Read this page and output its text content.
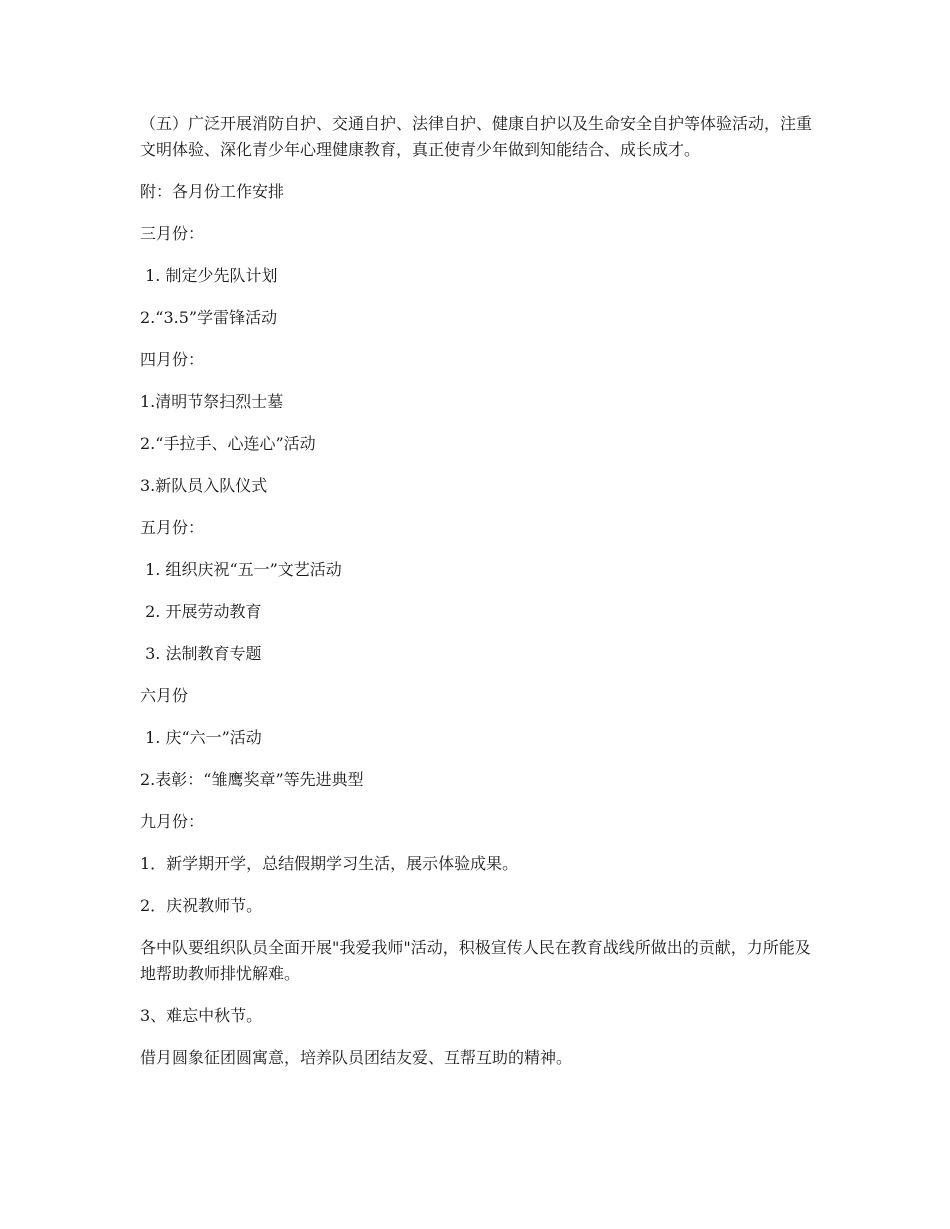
（五）广泛开展消防自护、交通自护、法律自护、健康自护以及生命安全自护等体验活动，注重文明体验、深化青少年心理健康教育，真正使青少年做到知能结合、成长成才。

附：各月份工作安排

三月份：

1. 制定少先队计划

2.“3.5”学雷锋活动

四月份：

1.清明节祭扫烈士墓

2.“手拉手、心连心”活动

3.新队员入队仪式

五月份：

1. 组织庆祝“五一”文艺活动

2. 开展劳动教育

3. 法制教育专题

六月份

1. 庆“六一”活动

2.表彰：“雏鹰奖章”等先进典型

九月份：

1．新学期开学，总结假期学习生活，展示体验成果。

2．庆祝教师节。

各中队要组织队员全面开展"我爱我师"活动，积极宣传人民在教育战线所做出的贡献，力所能及地帮助教师排忧解难。

3、难忘中秋节。

借月圆象征团圆寓意，培养队员团结友爱、互帮互助的精神。
